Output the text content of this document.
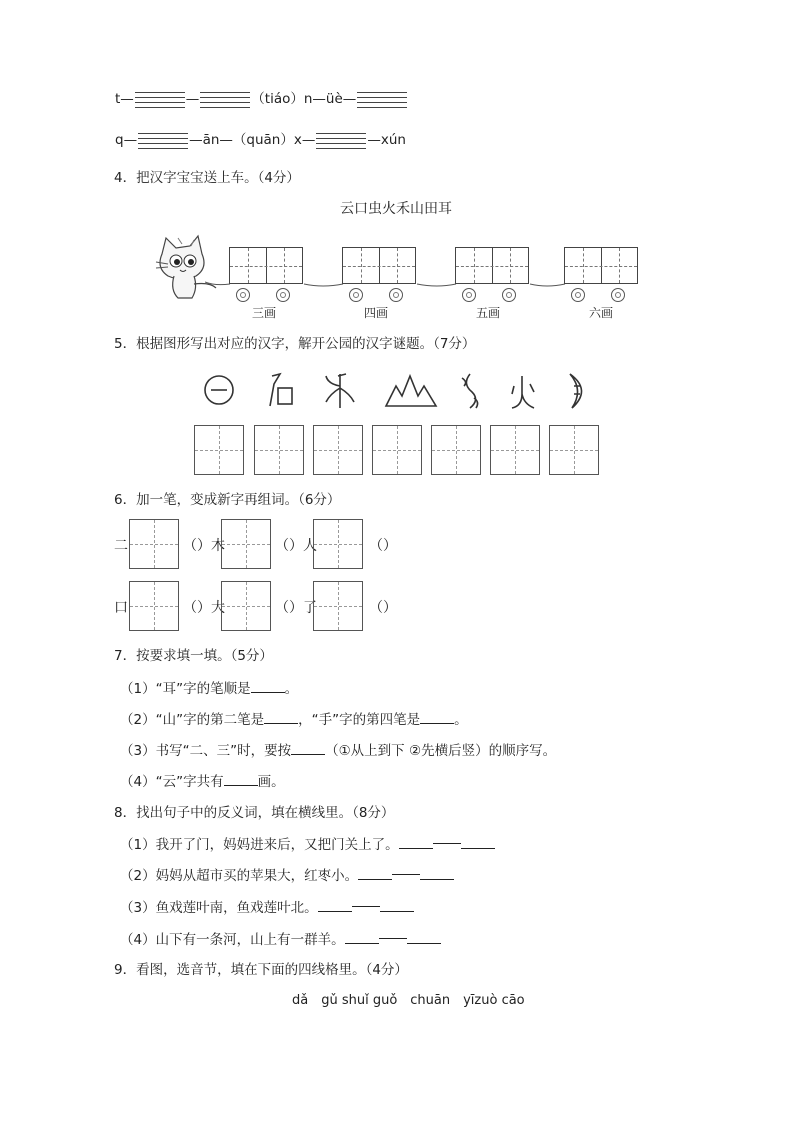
t—	—	（tiáo）n—üè—
q—	—ān—（quān）x—	—xún
4．把汉字宝宝送上车。（4分）
云口虫火禾山田耳
三画	四画	五画	六画
5．根据图形写出对应的汉字，解开公园的汉字谜题。（7分）
6．加一笔，变成新字再组词。（6分）
二	（）木	（）人	（）
口	（）大	（）了	（）
7．按要求填一填。（5分）
（1）“耳”字的笔顺是	。
（2）“山”字的第二笔是	，“手”字的第四笔是	。
（3）书写“二、三”时，要按	（①从上到下 ②先横后竖）的顺序写。
（4）“云”字共有	画。
8．找出句子中的反义词，填在横线里。（8分）
（1）我开了门，妈妈进来后，又把门关上了。
（2）妈妈从超市买的苹果大，红枣小。
（3）鱼戏莲叶南，鱼戏莲叶北。
（4）山下有一条河，山上有一群羊。
9．看图，选音节，填在下面的四线格里。（4分）
dǎ　gǔ shuǐ guǒ　chuān　yīzuò cāo
